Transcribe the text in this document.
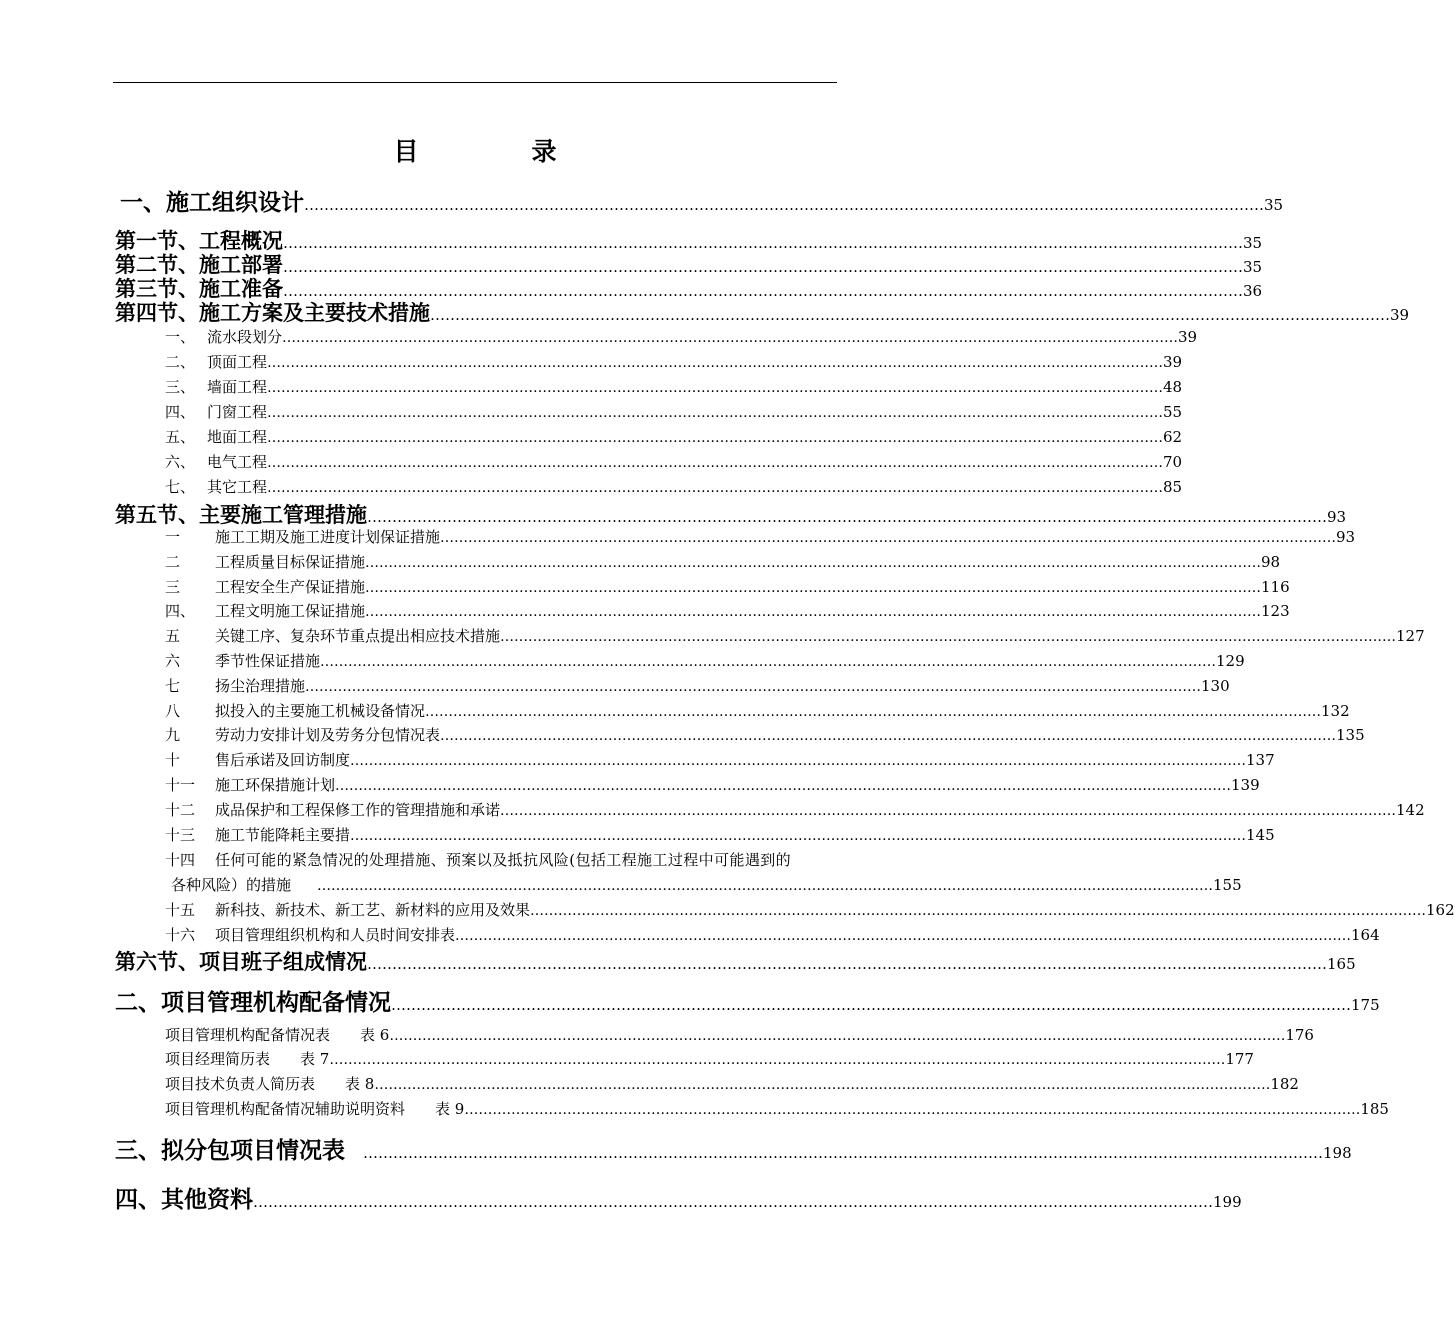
目　录
一、施工组织设计 ………………………………………………………………………………………………………………………………………………………………………… 35
第一节、工程概况 ………………………………………………………………………………………………………………………………………………………………………… 35
第二节、施工部署 ………………………………………………………………………………………………………………………………………………………………………… 35
第三节、施工准备 ………………………………………………………………………………………………………………………………………………………………………… 36
第四节、施工方案及主要技术措施 ………………………………………………………………………………………………………………………………………………………………………… 39
一、 流水段划分 ………………………………………………………………………………………………………………………………………………………………………… 39
二、 顶面工程 ………………………………………………………………………………………………………………………………………………………………………… 39
三、 墙面工程 ………………………………………………………………………………………………………………………………………………………………………… 48
四、 门窗工程 ………………………………………………………………………………………………………………………………………………………………………… 55
五、 地面工程 ………………………………………………………………………………………………………………………………………………………………………… 62
六、 电气工程 ………………………………………………………………………………………………………………………………………………………………………… 70
七、 其它工程 ………………………………………………………………………………………………………………………………………………………………………… 85
第五节、主要施工管理措施 ………………………………………………………………………………………………………………………………………………………………………… 93
一 施工工期及施工进度计划保证措施 ………………………………………………………………………………………………………………………………………………………………………… 93
二 工程质量目标保证措施 ………………………………………………………………………………………………………………………………………………………………………… 98
三 工程安全生产保证措施 ………………………………………………………………………………………………………………………………………………………………………… 116
四、 工程文明施工保证措施 ………………………………………………………………………………………………………………………………………………………………………… 123
五 关键工序、复杂环节重点提出相应技术措施 ………………………………………………………………………………………………………………………………………………………………………… 127
六 季节性保证措施 ………………………………………………………………………………………………………………………………………………………………………… 129
七 扬尘治理措施 ………………………………………………………………………………………………………………………………………………………………………… 130
八 拟投入的主要施工机械设备情况 ………………………………………………………………………………………………………………………………………………………………………… 132
九 劳动力安排计划及劳务分包情况表 ………………………………………………………………………………………………………………………………………………………………………… 135
十 售后承诺及回访制度 ………………………………………………………………………………………………………………………………………………………………………… 137
十一 施工环保措施计划 ………………………………………………………………………………………………………………………………………………………………………… 139
十二 成品保护和工程保修工作的管理措施和承诺 ………………………………………………………………………………………………………………………………………………………………………… 142
十三 施工节能降耗主要措 ………………………………………………………………………………………………………………………………………………………………………… 145
十四 任何可能的紧急情况的处理措施、预案以及抵抗风险(包括工程施工过程中可能遇到的
各种风险）的措施	………………………………………………………………………………………………………………………………………………………………………… 155
十五 新科技、新技术、新工艺、新材料的应用及效果 ………………………………………………………………………………………………………………………………………………………………………… 162
十六 项目管理组织机构和人员时间安排表 ………………………………………………………………………………………………………………………………………………………………………… 164
第六节、项目班子组成情况 ………………………………………………………………………………………………………………………………………………………………………… 165
二、项目管理机构配备情况 ………………………………………………………………………………………………………………………………………………………………………… 175
项目管理机构配备情况表　　表 6 ………………………………………………………………………………………………………………………………………………………………………… 176
项目经理简历表　　表 7 ………………………………………………………………………………………………………………………………………………………………………… 177
项目技术负责人简历表　　表 8 ………………………………………………………………………………………………………………………………………………………………………… 182
项目管理机构配备情况辅助说明资料　　表 9 ………………………………………………………………………………………………………………………………………………………………………… 185
三、拟分包项目情况表	………………………………………………………………………………………………………………………………………………………………………… 198
四、其他资料 ………………………………………………………………………………………………………………………………………………………………………… 199
